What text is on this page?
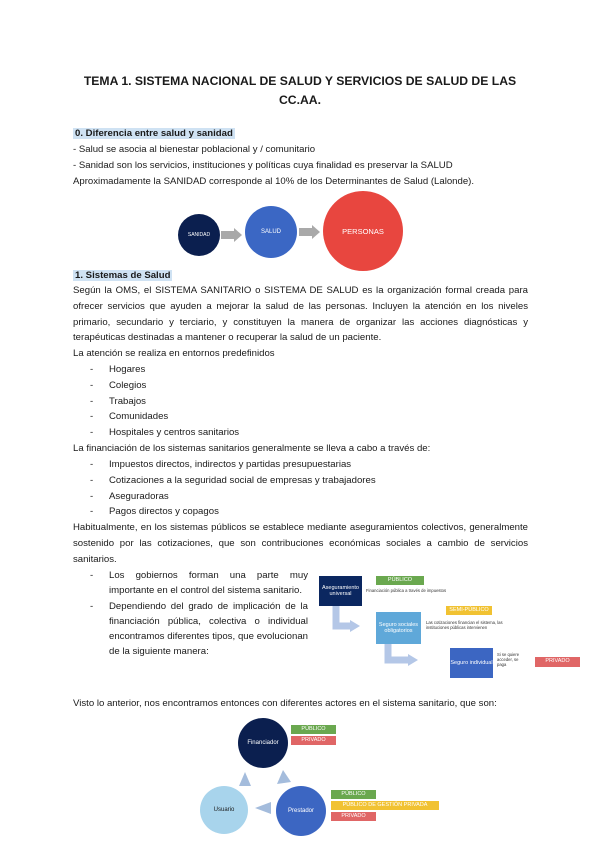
TEMA 1. SISTEMA NACIONAL DE SALUD Y SERVICIOS DE SALUD DE LAS CC.AA.
0. Diferencia entre salud y sanidad
- Salud se asocia al bienestar poblacional y / comunitario
- Sanidad son los servicios, instituciones y políticas cuya finalidad es preservar la SALUD
Aproximadamente la SANIDAD corresponde al 10% de los Determinantes de Salud (Lalonde).
SANIDAD	SALUD	PERSONAS
1. Sistemas de Salud
Según la OMS, el SISTEMA SANITARIO o SISTEMA DE SALUD es la organización formal creada para ofrecer servicios que ayuden a mejorar la salud de las personas. Incluyen la atención en los niveles primario, secundario y terciario, y constituyen la manera de organizar las acciones diagnósticas y terapéuticas destinadas a mantener o recuperar la salud de un paciente.
La atención se realiza en entornos predefinidos
- Hogares
- Colegios
- Trabajos
- Comunidades
- Hospitales y centros sanitarios
La financiación de los sistemas sanitarios generalmente se lleva a cabo a través de:
- Impuestos directos, indirectos y partidas presupuestarias
- Cotizaciones a la seguridad social de empresas y trabajadores
- Aseguradoras
- Pagos directos y copagos
Habitualmente, en los sistemas públicos se establece mediante aseguramientos colectivos, generalmente sostenido por las cotizaciones, que son contribuciones económicas sociales a cambio de servicios sanitarios.
- Los gobiernos forman una parte muy importante en el control del sistema sanitario.
- Dependiendo del grado de implicación de la financiación pública, colectiva o individual encontramos diferentes tipos, que evolucionan de la siguiente manera:
Aseguramiento universal
PÚBLICO
Financiación pública a través de impuestos
Seguro sociales obligatorios
SEMI-PÚBLICO
Las cotizaciones financian el sistema, las instituciones públicas intervienen
Seguro individual
Si se quiere acceder, se paga
PRIVADO
Visto lo anterior, nos encontramos entonces con diferentes actores en el sistema sanitario, que son:
Financiador
PÚBLICO
PRIVADO
Usuario	Prestador
PÚBLICO
PÚBLICO DE GESTIÓN PRIVADA
PRIVADO
